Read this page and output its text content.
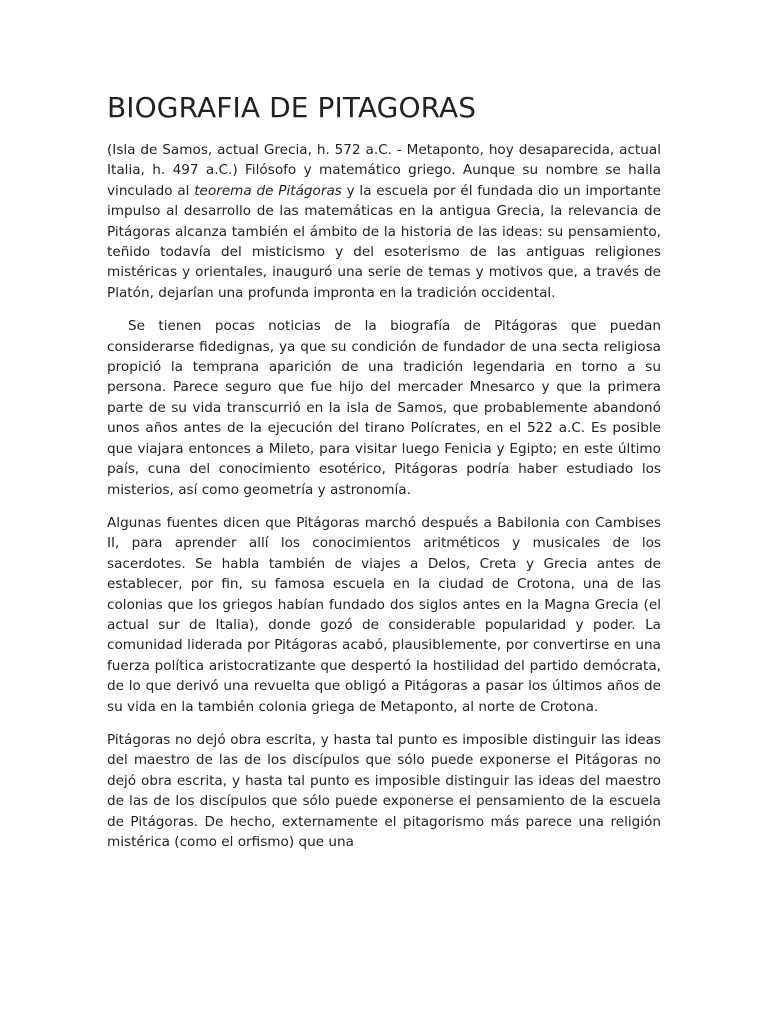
BIOGRAFIA DE PITAGORAS

(Isla de Samos, actual Grecia, h. 572 a.C. - Metaponto, hoy desaparecida, actual Italia, h. 497 a.C.) Filósofo y matemático griego. Aunque su nombre se halla vinculado al teorema de Pitágoras y la escuela por él fundada dio un importante impulso al desarrollo de las matemáticas en la antigua Grecia, la relevancia de Pitágoras alcanza también el ámbito de la historia de las ideas: su pensamiento, teñido todavía del misticismo y del esoterismo de las antiguas religiones mistéricas y orientales, inauguró una serie de temas y motivos que, a través de Platón, dejarían una profunda impronta en la tradición occidental.

Se tienen pocas noticias de la biografía de Pitágoras que puedan considerarse fidedignas, ya que su condición de fundador de una secta religiosa propició la temprana aparición de una tradición legendaria en torno a su persona. Parece seguro que fue hijo del mercader Mnesarco y que la primera parte de su vida transcurrió en la isla de Samos, que probablemente abandonó unos años antes de la ejecución del tirano Polícrates, en el 522 a.C. Es posible que viajara entonces a Mileto, para visitar luego Fenicia y Egipto; en este último país, cuna del conocimiento esotérico, Pitágoras podría haber estudiado los misterios, así como geometría y astronomía.

Algunas fuentes dicen que Pitágoras marchó después a Babilonia con Cambises II, para aprender allí los conocimientos aritméticos y musicales de los sacerdotes. Se habla también de viajes a Delos, Creta y Grecia antes de establecer, por fin, su famosa escuela en la ciudad de Crotona, una de las colonias que los griegos habían fundado dos siglos antes en la Magna Grecia (el actual sur de Italia), donde gozó de considerable popularidad y poder. La comunidad liderada por Pitágoras acabó, plausiblemente, por convertirse en una fuerza política aristocratizante que despertó la hostilidad del partido demócrata, de lo que derivó una revuelta que obligó a Pitágoras a pasar los últimos años de su vida en la también colonia griega de Metaponto, al norte de Crotona.

Pitágoras no dejó obra escrita, y hasta tal punto es imposible distinguir las ideas del maestro de las de los discípulos que sólo puede exponerse el Pitágoras no dejó obra escrita, y hasta tal punto es imposible distinguir las ideas del maestro de las de los discípulos que sólo puede exponerse el pensamiento de la escuela de Pitágoras. De hecho, externamente el pitagorismo más parece una religión mistérica (como el orfismo) que una
